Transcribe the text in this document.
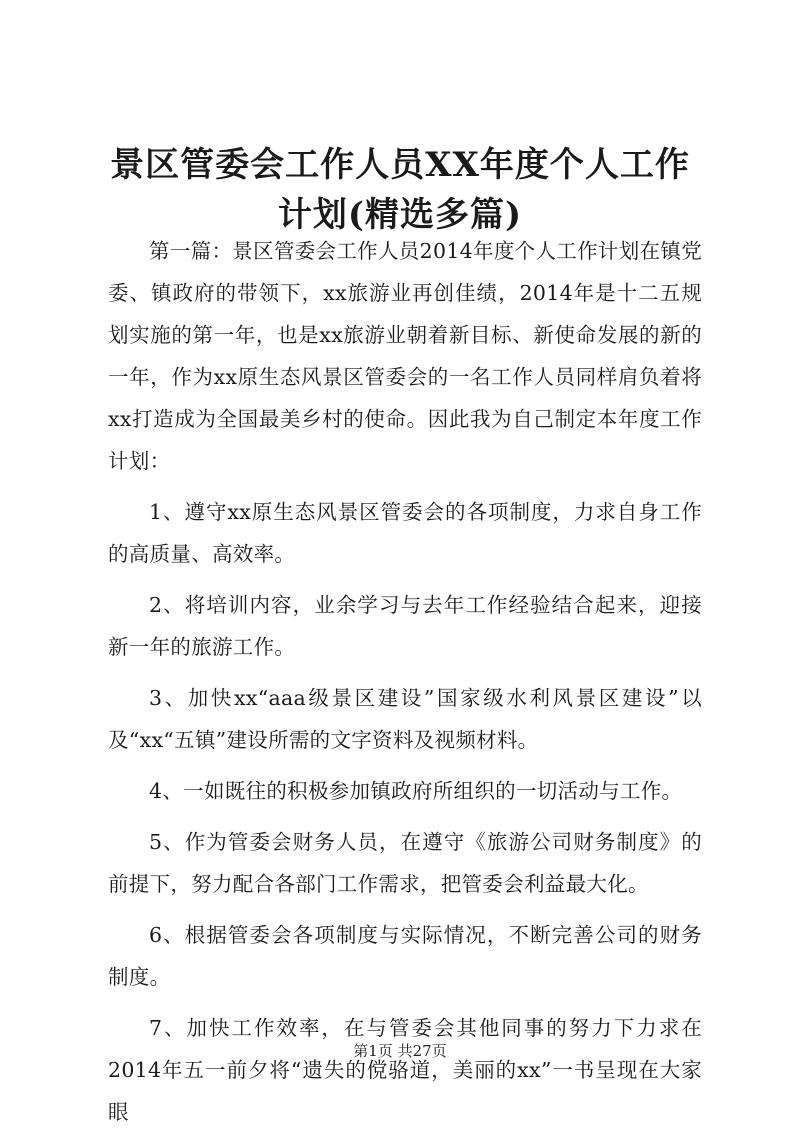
景区管委会工作人员XX年度个人工作计划(精选多篇)

第一篇：景区管委会工作人员2014年度个人工作计划在镇党委、镇政府的带领下，xx旅游业再创佳绩，2014年是十二五规划实施的第一年，也是xx旅游业朝着新目标、新使命发展的新的一年，作为xx原生态风景区管委会的一名工作人员同样肩负着将xx打造成为全国最美乡村的使命。因此我为自己制定本年度工作计划：

1、遵守xx原生态风景区管委会的各项制度，力求自身工作的高质量、高效率。

2、将培训内容，业余学习与去年工作经验结合起来，迎接新一年的旅游工作。

3、加快xx“aaa级景区建设”国家级水利风景区建设”以及“xx“五镇”建设所需的文字资料及视频材料。

4、一如既往的积极参加镇政府所组织的一切活动与工作。

5、作为管委会财务人员，在遵守《旅游公司财务制度》的前提下，努力配合各部门工作需求，把管委会利益最大化。

6、根据管委会各项制度与实际情况，不断完善公司的财务制度。

7、加快工作效率，在与管委会其他同事的努力下力求在2014年五一前夕将“遗失的傥骆道，美丽的xx”一书呈现在大家眼

第1页 共27页
